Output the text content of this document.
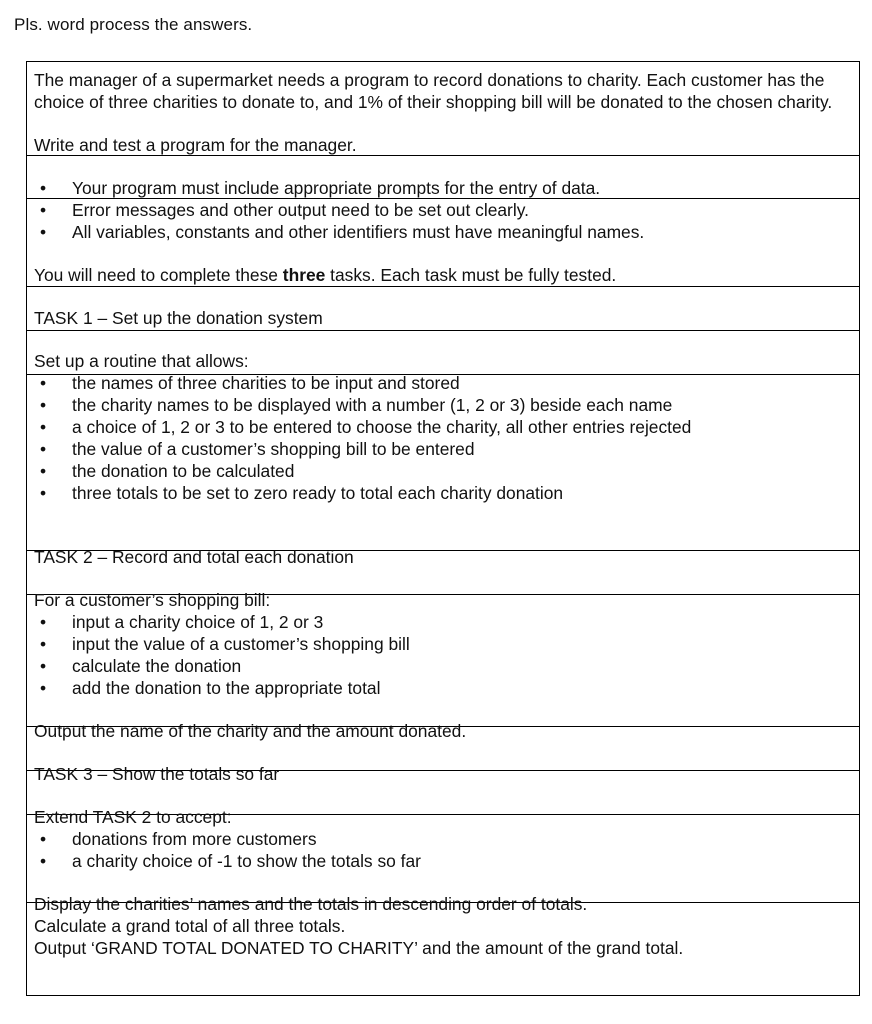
Pls. word process the answers.

The manager of a supermarket needs a program to record donations to charity. Each customer has the choice of three charities to donate to, and 1% of their shopping bill will be donated to the chosen charity.

Write and test a program for the manager.

• Your program must include appropriate prompts for the entry of data.
• Error messages and other output need to be set out clearly.
• All variables, constants and other identifiers must have meaningful names.

You will need to complete these three tasks. Each task must be fully tested.

TASK 1 – Set up the donation system

Set up a routine that allows:

• the names of three charities to be input and stored
• the charity names to be displayed with a number (1, 2 or 3) beside each name
• a choice of 1, 2 or 3 to be entered to choose the charity, all other entries rejected
• the value of a customer’s shopping bill to be entered
• the donation to be calculated
• three totals to be set to zero ready to total each charity donation

TASK 2 – Record and total each donation

For a customer’s shopping bill:

• input a charity choice of 1, 2 or 3
• input the value of a customer’s shopping bill
• calculate the donation
• add the donation to the appropriate total

Output the name of the charity and the amount donated.

TASK 3 – Show the totals so far

Extend TASK 2 to accept:

• donations from more customers
• a charity choice of -1 to show the totals so far

Display the charities’ names and the totals in descending order of totals.

Calculate a grand total of all three totals.

Output ‘GRAND TOTAL DONATED TO CHARITY’ and the amount of the grand total.
